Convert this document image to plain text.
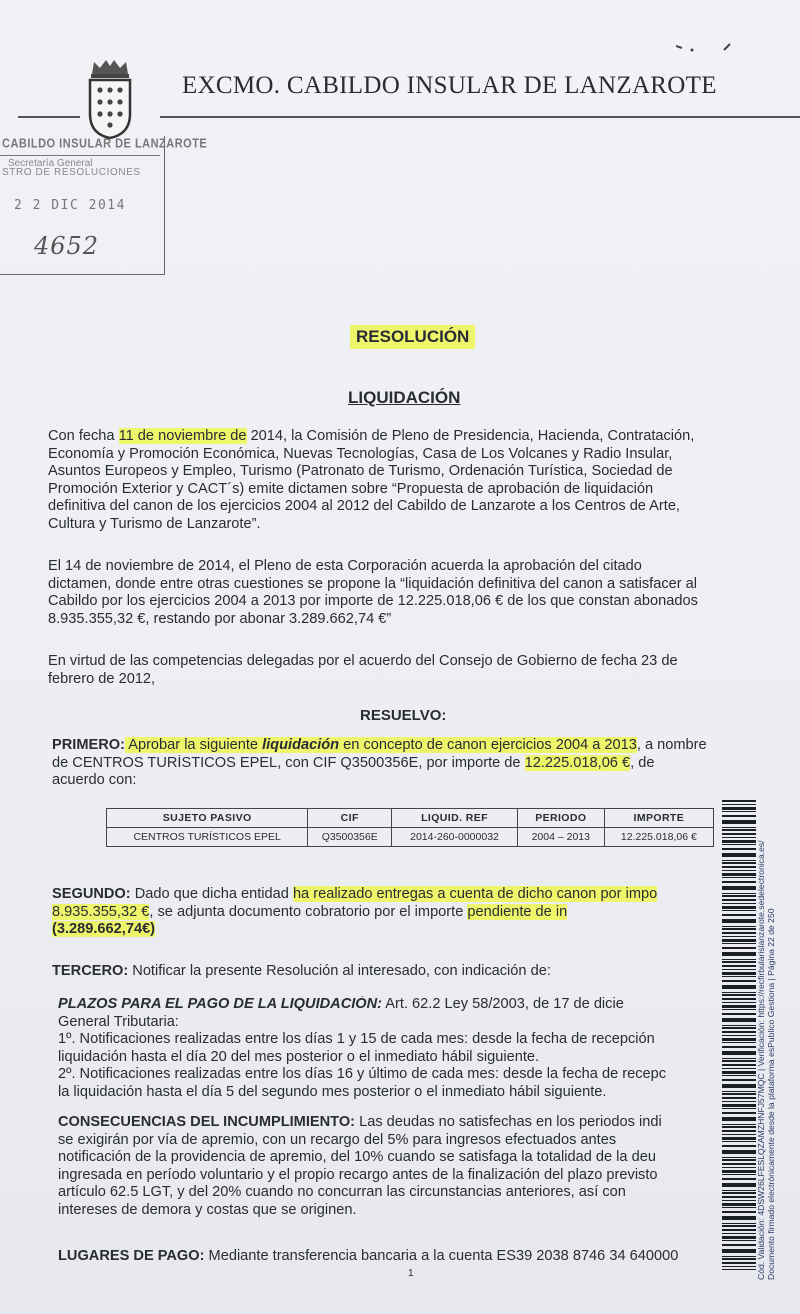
EXCMO. CABILDO INSULAR DE LANZAROTE
CABILDO INSULAR DE LANZAROTE
Secretaría General
STRO DE RESOLUCIONES
2 2 DIC 2014
4652
RESOLUCIÓN
LIQUIDACIÓN
Con fecha 11 de noviembre de 2014, la Comisión de Pleno de Presidencia, Hacienda, Contratación,
Economía y Promoción Económica, Nuevas Tecnologías, Casa de Los Volcanes y Radio Insular,
Asuntos Europeos y Empleo, Turismo (Patronato de Turismo, Ordenación Turística, Sociedad de
Promoción Exterior y CACT´s) emite dictamen sobre “Propuesta de aprobación de liquidación
definitiva del canon de los ejercicios 2004 al 2012 del Cabildo de Lanzarote a los Centros de Arte,
Cultura y Turismo de Lanzarote”.
El 14 de noviembre de 2014, el Pleno de esta Corporación acuerda la aprobación del citado
dictamen, donde entre otras cuestiones se propone la “liquidación definitiva del canon a satisfacer al
Cabildo por los ejercicios 2004 a 2013 por importe de 12.225.018,06 € de los que constan abonados
8.935.355,32 €, restando por abonar 3.289.662,74 €”
En virtud de las competencias delegadas por el acuerdo del Consejo de Gobierno de fecha 23 de
febrero de 2012,
RESUELVO:
PRIMERO: Aprobar la siguiente liquidación en concepto de canon ejercicios 2004 a 2013, a nombre
de CENTROS TURÍSTICOS EPEL, con CIF Q3500356E, por importe de 12.225.018,06 €, de
acuerdo con:
SUJETO PASIVO	CIF	LIQUID. REF	PERIODO	IMPORTE
CENTROS TURÍSTICOS EPEL	Q3500356E	2014-260-0000032	2004 – 2013	12.225.018,06 €
SEGUNDO: Dado que dicha entidad ha realizado entregas a cuenta de dicho canon por impo
8.935.355,32 €, se adjunta documento cobratorio por el importe pendiente de in
(3.289.662,74€)
TERCERO: Notificar la presente Resolución al interesado, con indicación de:
PLAZOS PARA EL PAGO DE LA LIQUIDACIÓN: Art. 62.2 Ley 58/2003, de 17 de dicie
General Tributaria:
1º. Notificaciones realizadas entre los días 1 y 15 de cada mes: desde la fecha de recepción
liquidación hasta el día 20 del mes posterior o el inmediato hábil siguiente.
2º. Notificaciones realizadas entre los días 16 y último de cada mes: desde la fecha de recepc
la liquidación hasta el día 5 del segundo mes posterior o el inmediato hábil siguiente.
CONSECUENCIAS DEL INCUMPLIMIENTO: Las deudas no satisfechas en los periodos indi
se exigirán por vía de apremio, con un recargo del 5% para ingresos efectuados antes
notificación de la providencia de apremio, del 10% cuando se satisfaga la totalidad de la deu
ingresada en período voluntario y el propio recargo antes de la finalización del plazo previsto
artículo 62.5 LGT, y del 20% cuando no concurran las circunstancias anteriores, así con
intereses de demora y costas que se originen.
LUGARES DE PAGO: Mediante transferencia bancaria a la cuenta ES39 2038 8746 34 640000
1	Cód. Validación: 4DSW26LFESLQZAMZHNFJ57MQC | Verificación: https://recfirbularislanzarote.sedelectronica.es/ Documento firmado electrónicamente desde la plataforma esPublico Gestiona | Página 22 de 250
